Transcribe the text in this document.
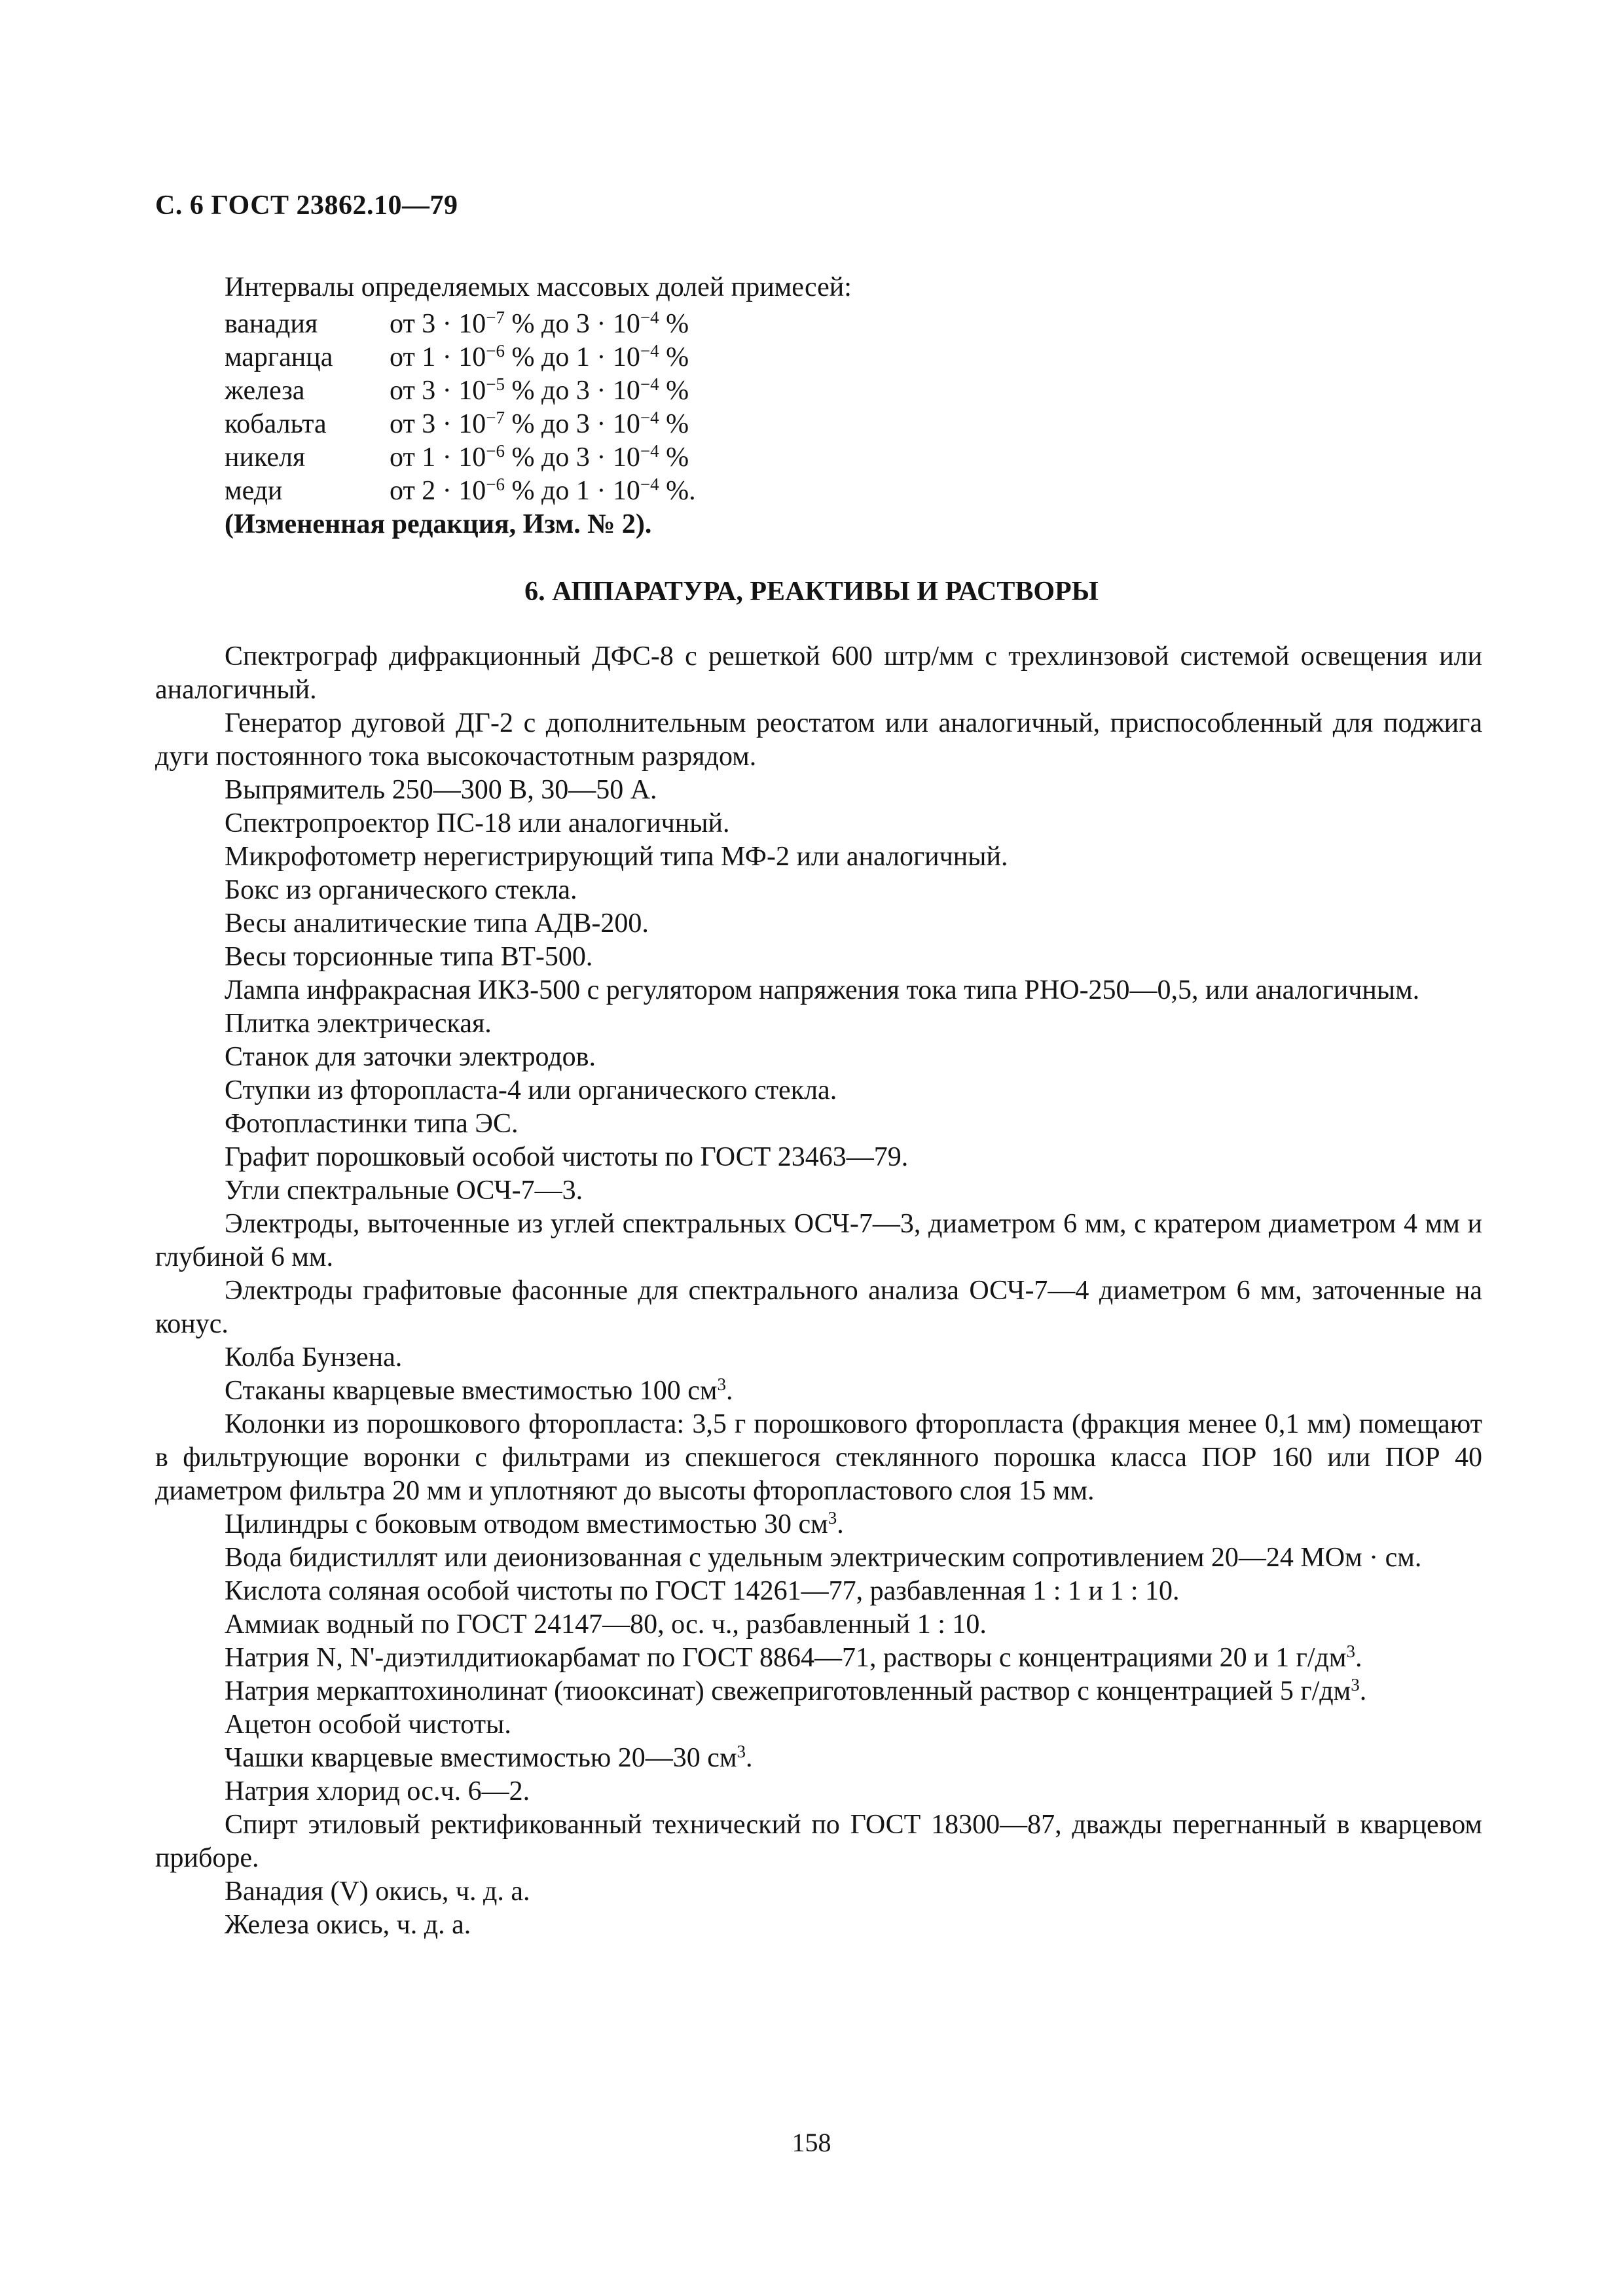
С. 6 ГОСТ 23862.10—79
Интервалы определяемых массовых долей примесей:
ванадия	от $3 \cdot 10^{-7}$ % до $3 \cdot 10^{-4}$ %
марганца	от $1 \cdot 10^{-6}$ % до $1 \cdot 10^{-4}$ %
железа	от $3 \cdot 10^{-5}$ % до $3 \cdot 10^{-4}$ %
кобальта	от $3 \cdot 10^{-7}$ % до $3 \cdot 10^{-4}$ %
никеля	от $1 \cdot 10^{-6}$ % до $3 \cdot 10^{-4}$ %
меди	от $2 \cdot 10^{-6}$ % до $1 \cdot 10^{-4}$ %.
(Измененная редакция, Изм. № 2).
6. АППАРАТУРА, РЕАКТИВЫ И РАСТВОРЫ

Спектрограф дифракционный ДФС-8 с решеткой 600 штр/мм с трехлинзовой системой освещения или аналогичный.

Генератор дуговой ДГ-2 с дополнительным реостатом или аналогичный, приспособленный для поджига дуги постоянного тока высокочастотным разрядом.

Выпрямитель 250—300 В, 30—50 А.

Спектропроектор ПС-18 или аналогичный.

Микрофотометр нерегистрирующий типа МФ-2 или аналогичный.

Бокс из органического стекла.

Весы аналитические типа АДВ-200.

Весы торсионные типа ВТ-500.

Лампа инфракрасная ИКЗ-500 с регулятором напряжения тока типа РНО-250—0,5, или аналогичным.

Плитка электрическая.

Станок для заточки электродов.

Ступки из фторопласта-4 или органического стекла.

Фотопластинки типа ЭС.

Графит порошковый особой чистоты по ГОСТ 23463—79.

Угли спектральные ОСЧ-7—3.

Электроды, выточенные из углей спектральных ОСЧ-7—3, диаметром 6 мм, с кратером диаметром 4 мм и глубиной 6 мм.

Электроды графитовые фасонные для спектрального анализа ОСЧ-7—4 диаметром 6 мм, заточенные на конус.

Колба Бунзена.

Стаканы кварцевые вместимостью 100 $см^3$.

Колонки из порошкового фторопласта: 3,5 г порошкового фторопласта (фракция менее 0,1 мм) помещают в фильтрующие воронки с фильтрами из спекшегося стеклянного порошка класса ПОР 160 или ПОР 40 диаметром фильтра 20 мм и уплотняют до высоты фторопластового слоя 15 мм.

Цилиндры с боковым отводом вместимостью 30 $см^3$.

Вода бидистиллят или деионизованная с удельным электрическим сопротивлением 20—24 МОм · см.

Кислота соляная особой чистоты по ГОСТ 14261—77, разбавленная 1 : 1 и 1 : 10.

Аммиак водный по ГОСТ 24147—80, ос. ч., разбавленный 1 : 10.

Натрия N, N'-диэтилдитиокарбамат по ГОСТ 8864—71, растворы с концентрациями 20 и 1 $г/дм^3$.

Натрия меркаптохинолинат (тиооксинат) свежеприготовленный раствор с концентрацией 5 $г/дм^3$.

Ацетон особой чистоты.

Чашки кварцевые вместимостью 20—30 $см^3$.

Натрия хлорид ос.ч. 6—2.

Спирт этиловый ректификованный технический по ГОСТ 18300—87, дважды перегнанный в кварцевом приборе.

Ванадия (V) окись, ч. д. а.

Железа окись, ч. д. а.

158
